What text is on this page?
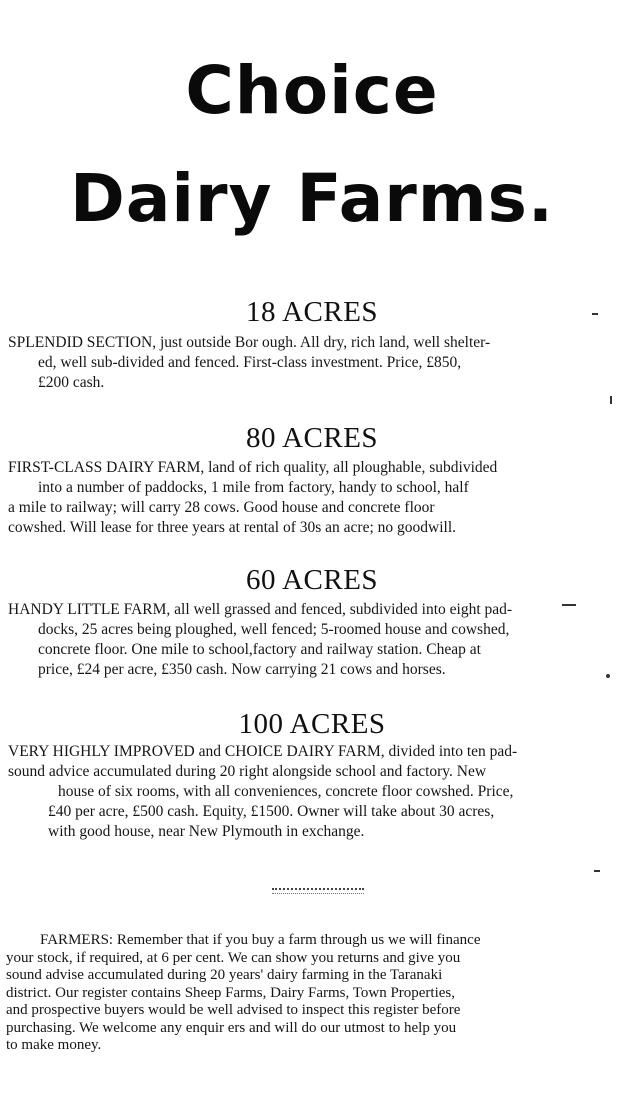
Choice
Dairy Farms.
18 ACRES
SPLENDID SECTION, just outside Bor ough. All dry, rich land, well shelter-
ed, well sub-divided and fenced. First-class investment. Price, £850,
£200 cash.
80 ACRES
FIRST-CLASS DAIRY FARM, land of rich quality, all ploughable, subdivided
into a number of paddocks, 1 mile from factory, handy to school, half
a mile to railway; will carry 28 cows. Good house and concrete floor
cowshed. Will lease for three years at rental of 30s an acre; no goodwill.
60 ACRES
HANDY LITTLE FARM, all well grassed and fenced, subdivided into eight pad-
docks, 25 acres being ploughed, well fenced; 5-roomed house and cowshed,
concrete floor. One mile to school,factory and railway station. Cheap at
price, £24 per acre, £350 cash. Now carrying 21 cows and horses.
100 ACRES
VERY HIGHLY IMPROVED and CHOICE DAIRY FARM, divided into ten pad-
sound advice accumulated during 20 right alongside school and factory. New
house of six rooms, with all conveniences, concrete floor cowshed. Price,
£40 per acre, £500 cash. Equity, £1500. Owner will take about 30 acres,
with good house, near New Plymouth in exchange.
FARMERS: Remember that if you buy a farm through us we will finance
your stock, if required, at 6 per cent. We can show you returns and give you
sound advise accumulated during 20 years' dairy farming in the Taranaki
district. Our register contains Sheep Farms, Dairy Farms, Town Properties,
and prospective buyers would be well advised to inspect this register before
purchasing. We welcome any enquir ers and will do our utmost to help you
to make money.
